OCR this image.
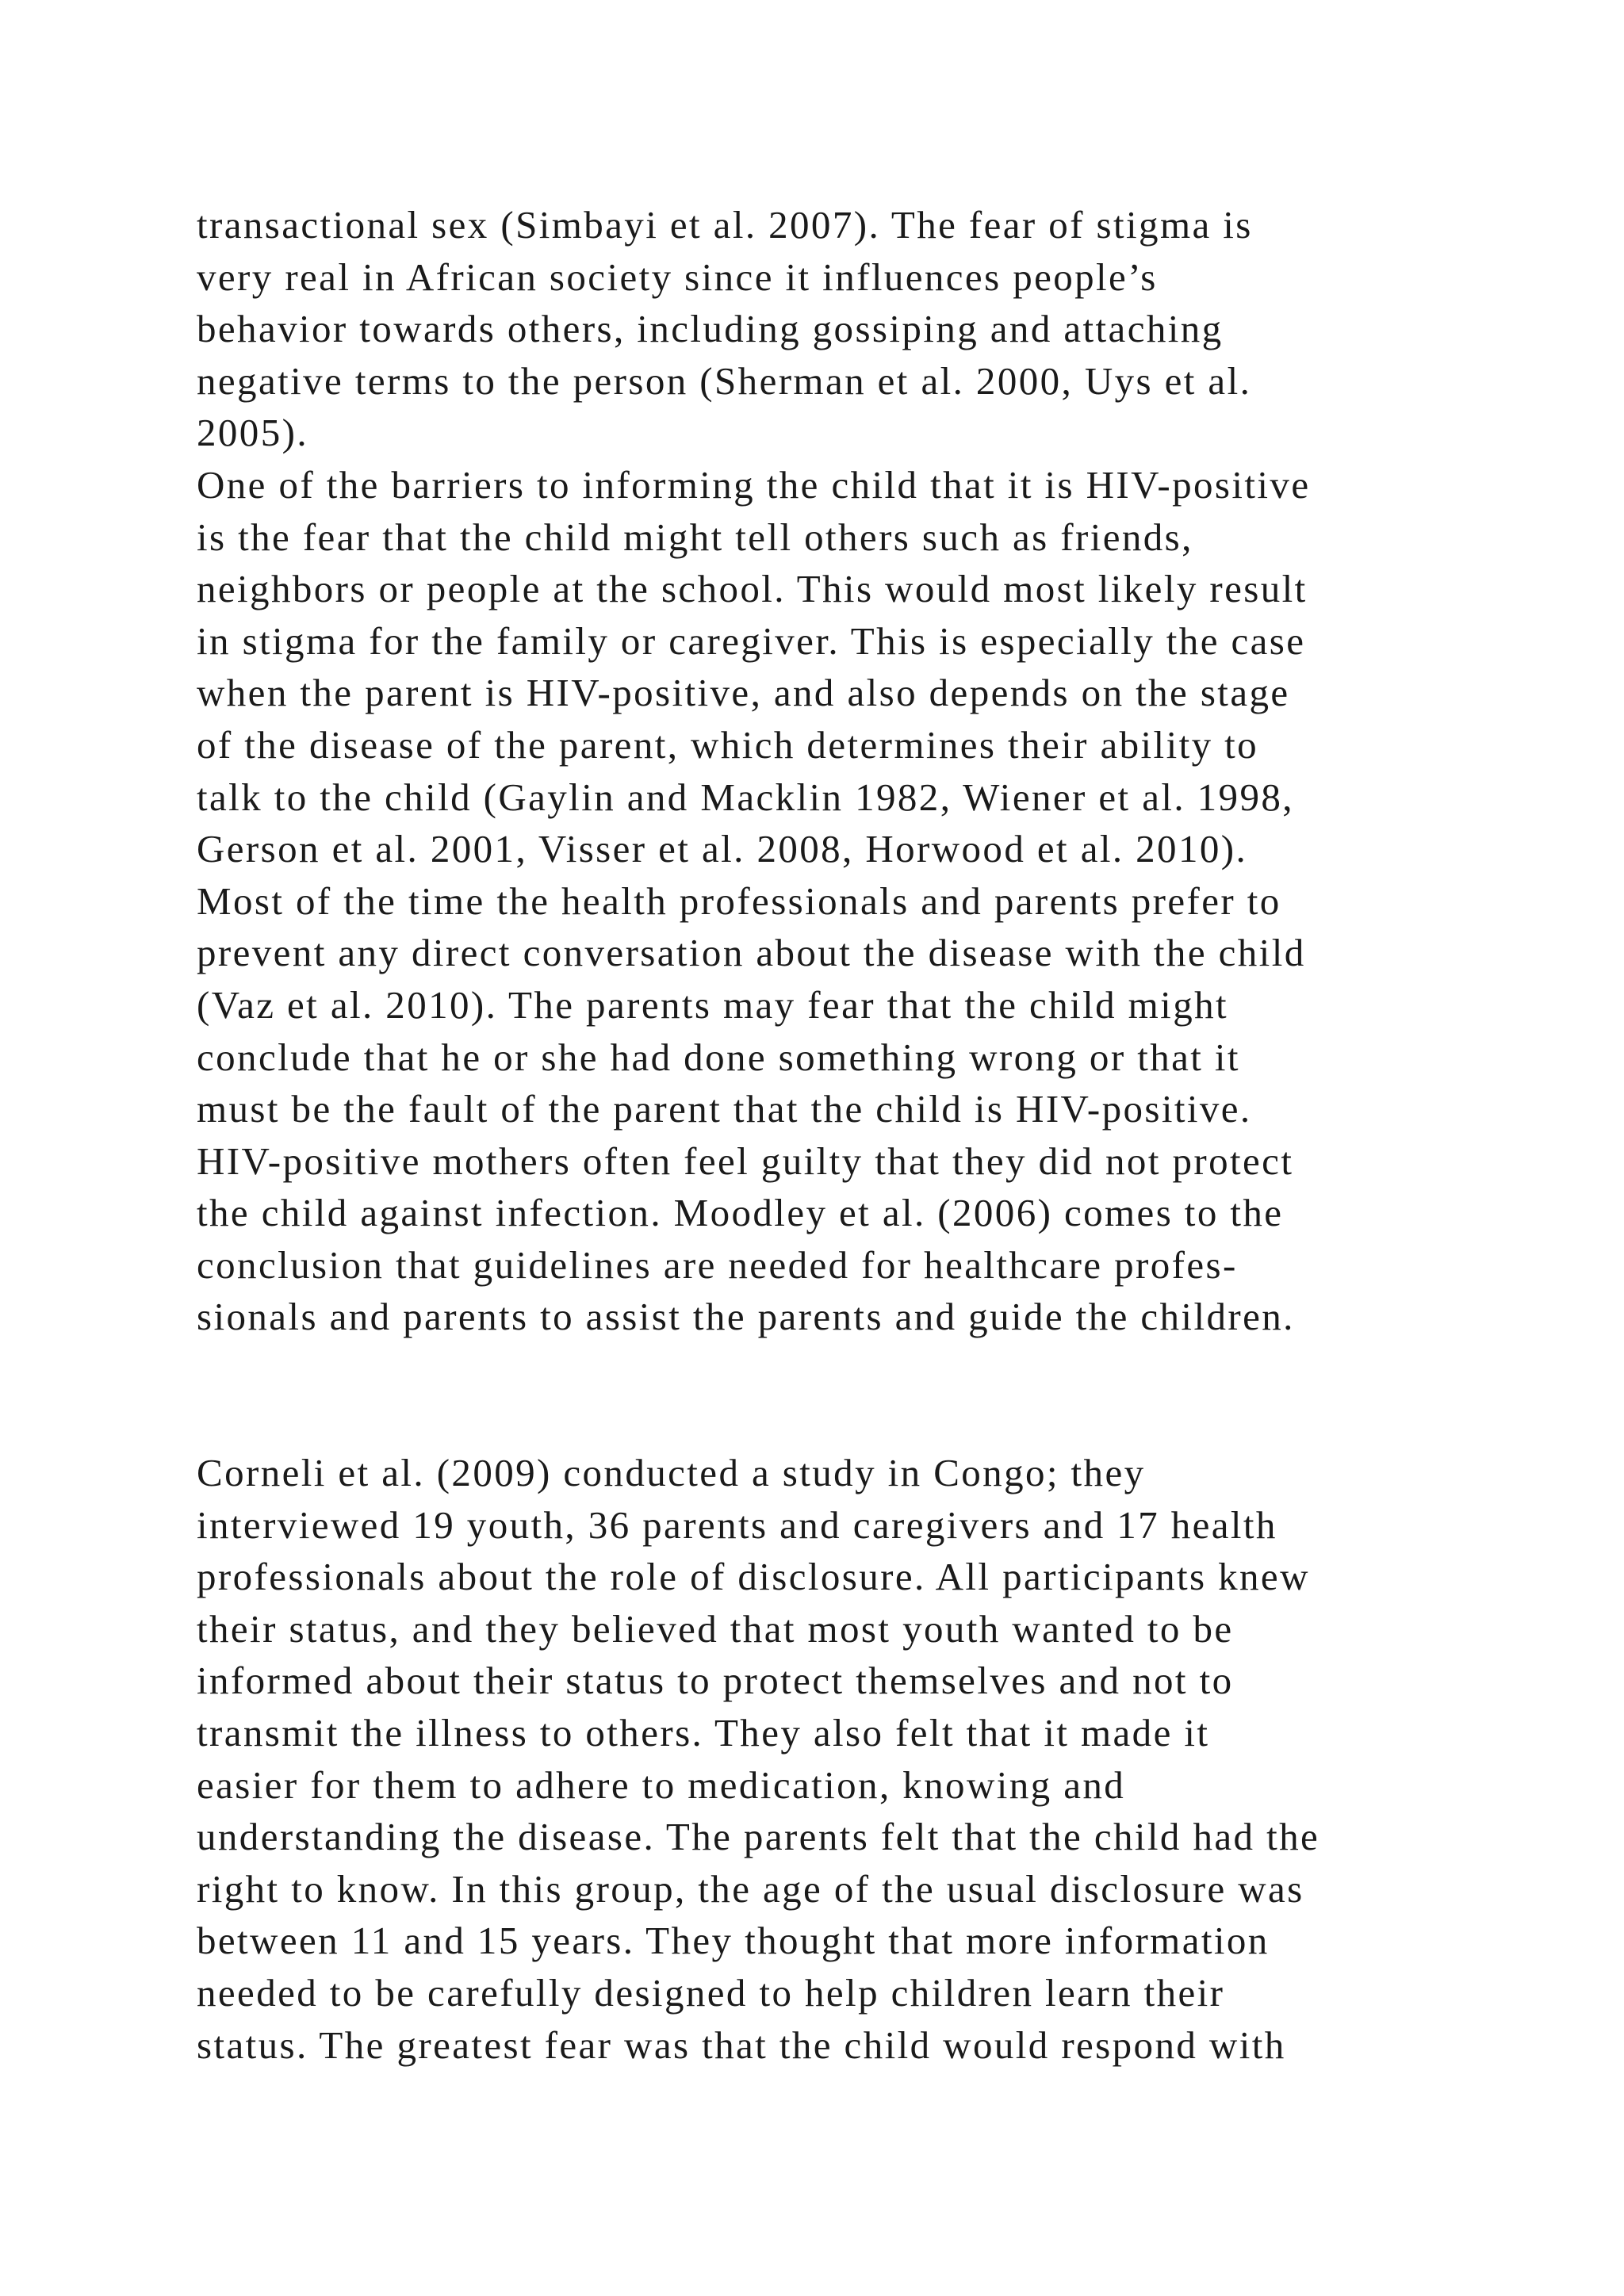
transactional sex (Simbayi et al. 2007). The fear of stigma is
very real in African society since it influences people’s
behavior towards others, including gossiping and attaching
negative terms to the person (Sherman et al. 2000, Uys et al.
2005).
One of the barriers to informing the child that it is HIV-positive
is the fear that the child might tell others such as friends,
neighbors or people at the school. This would most likely result
in stigma for the family or caregiver. This is especially the case
when the parent is HIV-positive, and also depends on the stage
of the disease of the parent, which determines their ability to
talk to the child (Gaylin and Macklin 1982, Wiener et al. 1998,
Gerson et al. 2001, Visser et al. 2008, Horwood et al. 2010).
Most of the time the health professionals and parents prefer to
prevent any direct conversation about the disease with the child
(Vaz et al. 2010). The parents may fear that the child might
conclude that he or she had done something wrong or that it
must be the fault of the parent that the child is HIV-positive.
HIV-positive mothers often feel guilty that they did not protect
the child against infection. Moodley et al. (2006) comes to the
conclusion that guidelines are needed for healthcare profes-
sionals and parents to assist the parents and guide the children.
Corneli et al. (2009) conducted a study in Congo; they
interviewed 19 youth, 36 parents and caregivers and 17 health
professionals about the role of disclosure. All participants knew
their status, and they believed that most youth wanted to be
informed about their status to protect themselves and not to
transmit the illness to others. They also felt that it made it
easier for them to adhere to medication, knowing and
understanding the disease. The parents felt that the child had the
right to know. In this group, the age of the usual disclosure was
between 11 and 15 years. They thought that more information
needed to be carefully designed to help children learn their
status. The greatest fear was that the child would respond with
